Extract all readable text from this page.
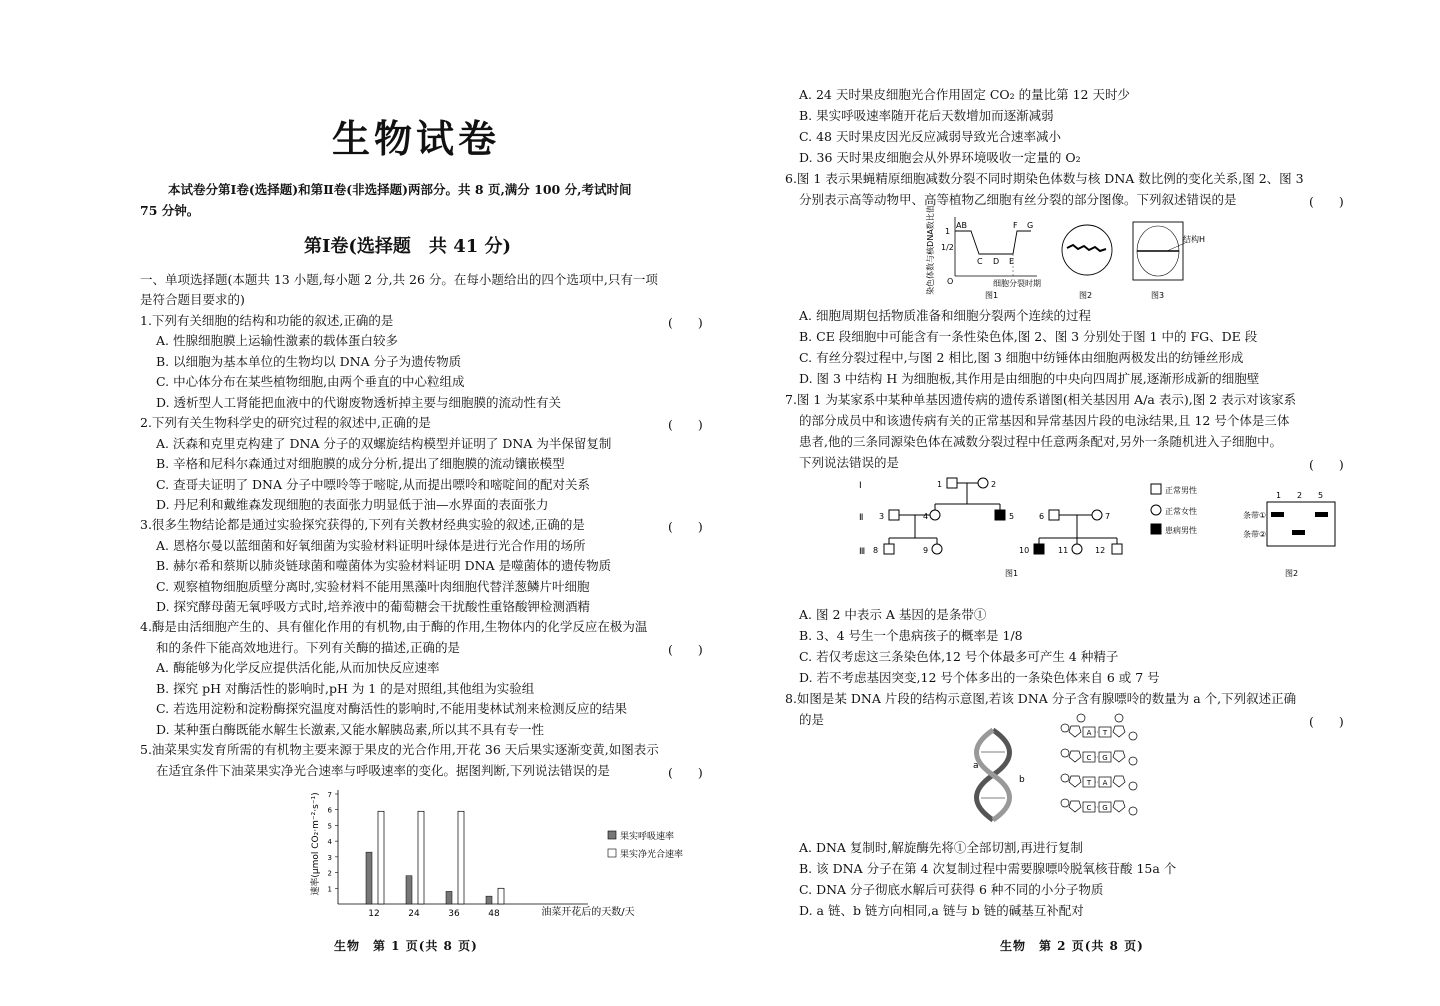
生物试卷
本试卷分第Ⅰ卷(选择题)和第Ⅱ卷(非选择题)两部分。共 8 页,满分 100 分,考试时间
75 分钟。
第Ⅰ卷(选择题　共 41 分)
一、单项选择题(本题共 13 小题,每小题 2 分,共 26 分。在每小题给出的四个选项中,只有一项
是符合题目要求的)
1.下列有关细胞的结构和功能的叙述,正确的是	(　　)
A. 性腺细胞膜上运输性激素的载体蛋白较多
B. 以细胞为基本单位的生物均以 DNA 分子为遗传物质
C. 中心体分布在某些植物细胞,由两个垂直的中心粒组成
D. 透析型人工肾能把血液中的代谢废物透析掉主要与细胞膜的流动性有关
2.下列有关生物科学史的研究过程的叙述中,正确的是	(　　)
A. 沃森和克里克构建了 DNA 分子的双螺旋结构模型并证明了 DNA 为半保留复制
B. 辛格和尼科尔森通过对细胞膜的成分分析,提出了细胞膜的流动镶嵌模型
C. 查哥夫证明了 DNA 分子中嘌呤等于嘧啶,从而提出嘌呤和嘧啶间的配对关系
D. 丹尼利和戴维森发现细胞的表面张力明显低于油—水界面的表面张力
3.很多生物结论都是通过实验探究获得的,下列有关教材经典实验的叙述,正确的是	(　　)
A. 恩格尔曼以蓝细菌和好氧细菌为实验材料证明叶绿体是进行光合作用的场所
B. 赫尔希和蔡斯以肺炎链球菌和噬菌体为实验材料证明 DNA 是噬菌体的遗传物质
C. 观察植物细胞质壁分离时,实验材料不能用黑藻叶肉细胞代替洋葱鳞片叶细胞
D. 探究酵母菌无氧呼吸方式时,培养液中的葡萄糖会干扰酸性重铬酸钾检测酒精
4.酶是由活细胞产生的、具有催化作用的有机物,由于酶的作用,生物体内的化学反应在极为温
和的条件下能高效地进行。下列有关酶的描述,正确的是	(　　)
A. 酶能够为化学反应提供活化能,从而加快反应速率
B. 探究 pH 对酶活性的影响时,pH 为 1 的是对照组,其他组为实验组
C. 若选用淀粉和淀粉酶探究温度对酶活性的影响时,不能用斐林试剂来检测反应的结果
D. 某种蛋白酶既能水解生长激素,又能水解胰岛素,所以其不具有专一性
5.油菜果实发育所需的有机物主要来源于果皮的光合作用,开花 36 天后果实逐渐变黄,如图表示
在适宜条件下油菜果实净光合速率与呼吸速率的变化。据图判断,下列说法错误的是	(　　)
速率(μmol CO₂·m⁻²·s⁻¹) 1
2
3
4
5
6
7
12	24	36	48	油菜开花后的天数/天
果实呼吸速率
果实净光合速率
生物　第 1 页(共 8 页)
A. 24 天时果皮细胞光合作用固定 CO₂ 的量比第 12 天时少
B. 果实呼吸速率随开花后天数增加而逐渐减弱
C. 48 天时果皮因光反应减弱导致光合速率减小
D. 36 天时果皮细胞会从外界环境吸收一定量的 O₂
6.图 1 表示果蝇精原细胞减数分裂不同时期染色体数与核 DNA 数比例的变化关系,图 2、图 3
分别表示高等动物甲、高等植物乙细胞有丝分裂的部分图像。下列叙述错误的是	(　　)
染色体数与核DNA数比值 1
1/2
O
AB
C D E
F G
细胞分裂时期
图1	图2
结构H
图3
A. 细胞周期包括物质准备和细胞分裂两个连续的过程
B. CE 段细胞中可能含有一条性染色体,图 2、图 3 分别处于图 1 中的 FG、DE 段
C. 有丝分裂过程中,与图 2 相比,图 3 细胞中纺锤体由细胞两极发出的纺锤丝形成
D. 图 3 中结构 H 为细胞板,其作用是由细胞的中央向四周扩展,逐渐形成新的细胞壁
7.图 1 为某家系中某种单基因遗传病的遗传系谱图(相关基因用 A/a 表示),图 2 表示对该家系
的部分成员中和该遗传病有关的正常基因和异常基因片段的电泳结果,且 12 号个体是三体
患者,他的三条同源染色体在减数分裂过程中任意两条配对,另外一条随机进入子细胞中。
下列说法错误的是	(　　)
Ⅰ
Ⅱ
Ⅲ
1	2
3	4	5	6	7
8	9	10	11	12
正常男性
正常女性
患病男性
图1
1 2 5
条带①
条带②
图2
A. 图 2 中表示 A 基因的是条带①
B. 3、4 号生一个患病孩子的概率是 1/8
C. 若仅考虑这三条染色体,12 号个体最多可产生 4 种精子
D. 若不考虑基因突变,12 号个体多出的一条染色体来自 6 或 7 号
8.如图是某 DNA 片段的结构示意图,若该 DNA 分子含有腺嘌呤的数量为 a 个,下列叙述正确
的是	(　　)
a
b
A T
C G
T A
C G
A. DNA 复制时,解旋酶先将①全部切割,再进行复制
B. 该 DNA 分子在第 4 次复制过程中需要腺嘌呤脱氧核苷酸 15a 个
C. DNA 分子彻底水解后可获得 6 种不同的小分子物质
D. a 链、b 链方向相同,a 链与 b 链的碱基互补配对
生物　第 2 页(共 8 页)
